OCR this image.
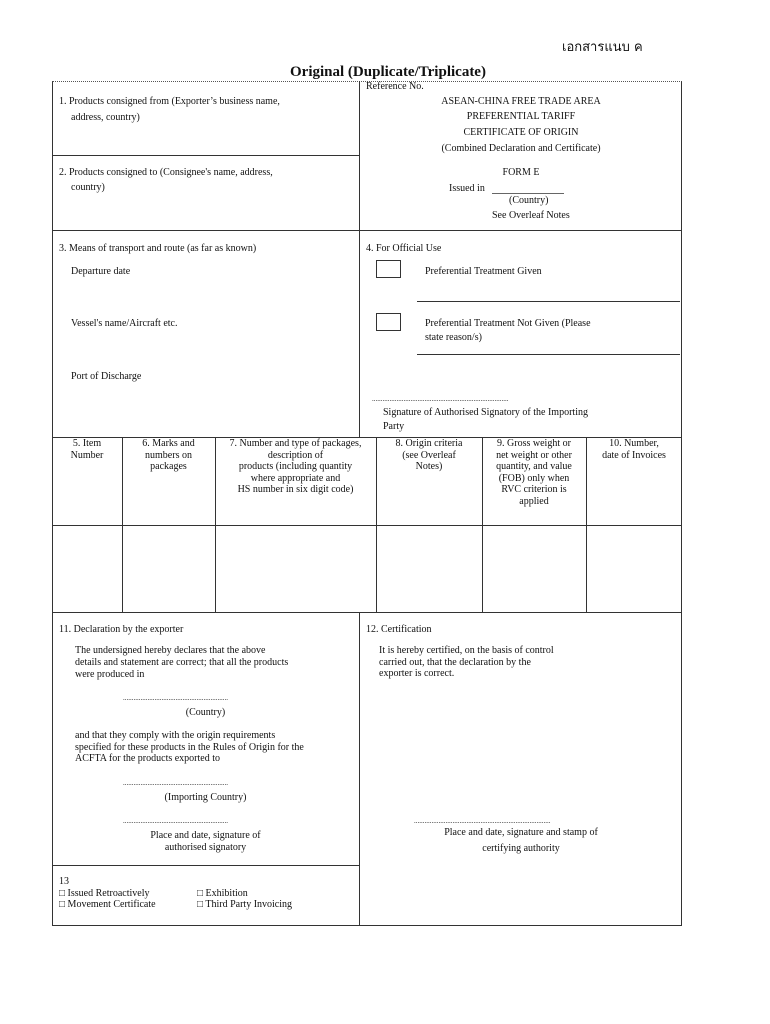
เอกสารแนบ ค
Original (Duplicate/Triplicate)
1. Products consigned from (Exporter’s business name,
address, country)
2. Products consigned to (Consignee's name, address,
country)
Reference No.
ASEAN-CHINA FREE TRADE AREA
PREFERENTIAL TARIFF
CERTIFICATE OF ORIGIN
(Combined Declaration and Certificate)
FORM E
Issued in
(Country)
See Overleaf Notes
3. Means of transport and route (as far as known)
Departure date
Vessel's name/Aircraft etc.
Port of Discharge
4. For Official Use
Preferential Treatment Given
Preferential Treatment Not Given (Please
state reason/s)
..............................................................................
Signature of Authorised Signatory of the Importing
Party
5. Item
Number
6. Marks and
numbers on
packages
7. Number and type of packages,
description of
products (including quantity
where appropriate and
HS number in six digit code)
8. Origin criteria
(see Overleaf
Notes)
9. Gross weight or
net weight or other
quantity, and value
(FOB) only when
RVC criterion is
applied
10. Number,
date of Invoices
11. Declaration by the exporter
The undersigned hereby declares that the above
details and statement are correct; that all the products
were produced in
............................................................
(Country)
and that they comply with the origin requirements
specified for these products in the Rules of Origin for the
ACFTA for the products exported to
............................................................
(Importing Country)
............................................................
Place and date, signature of
authorised signatory
12. Certification
It is hereby certified, on the basis of control
carried out, that the declaration by the
exporter is correct.
..............................................................................
Place and date, signature and stamp of
certifying authority
13
□ Issued Retroactively
□ Movement Certificate
□ Exhibition
□ Third Party Invoicing
